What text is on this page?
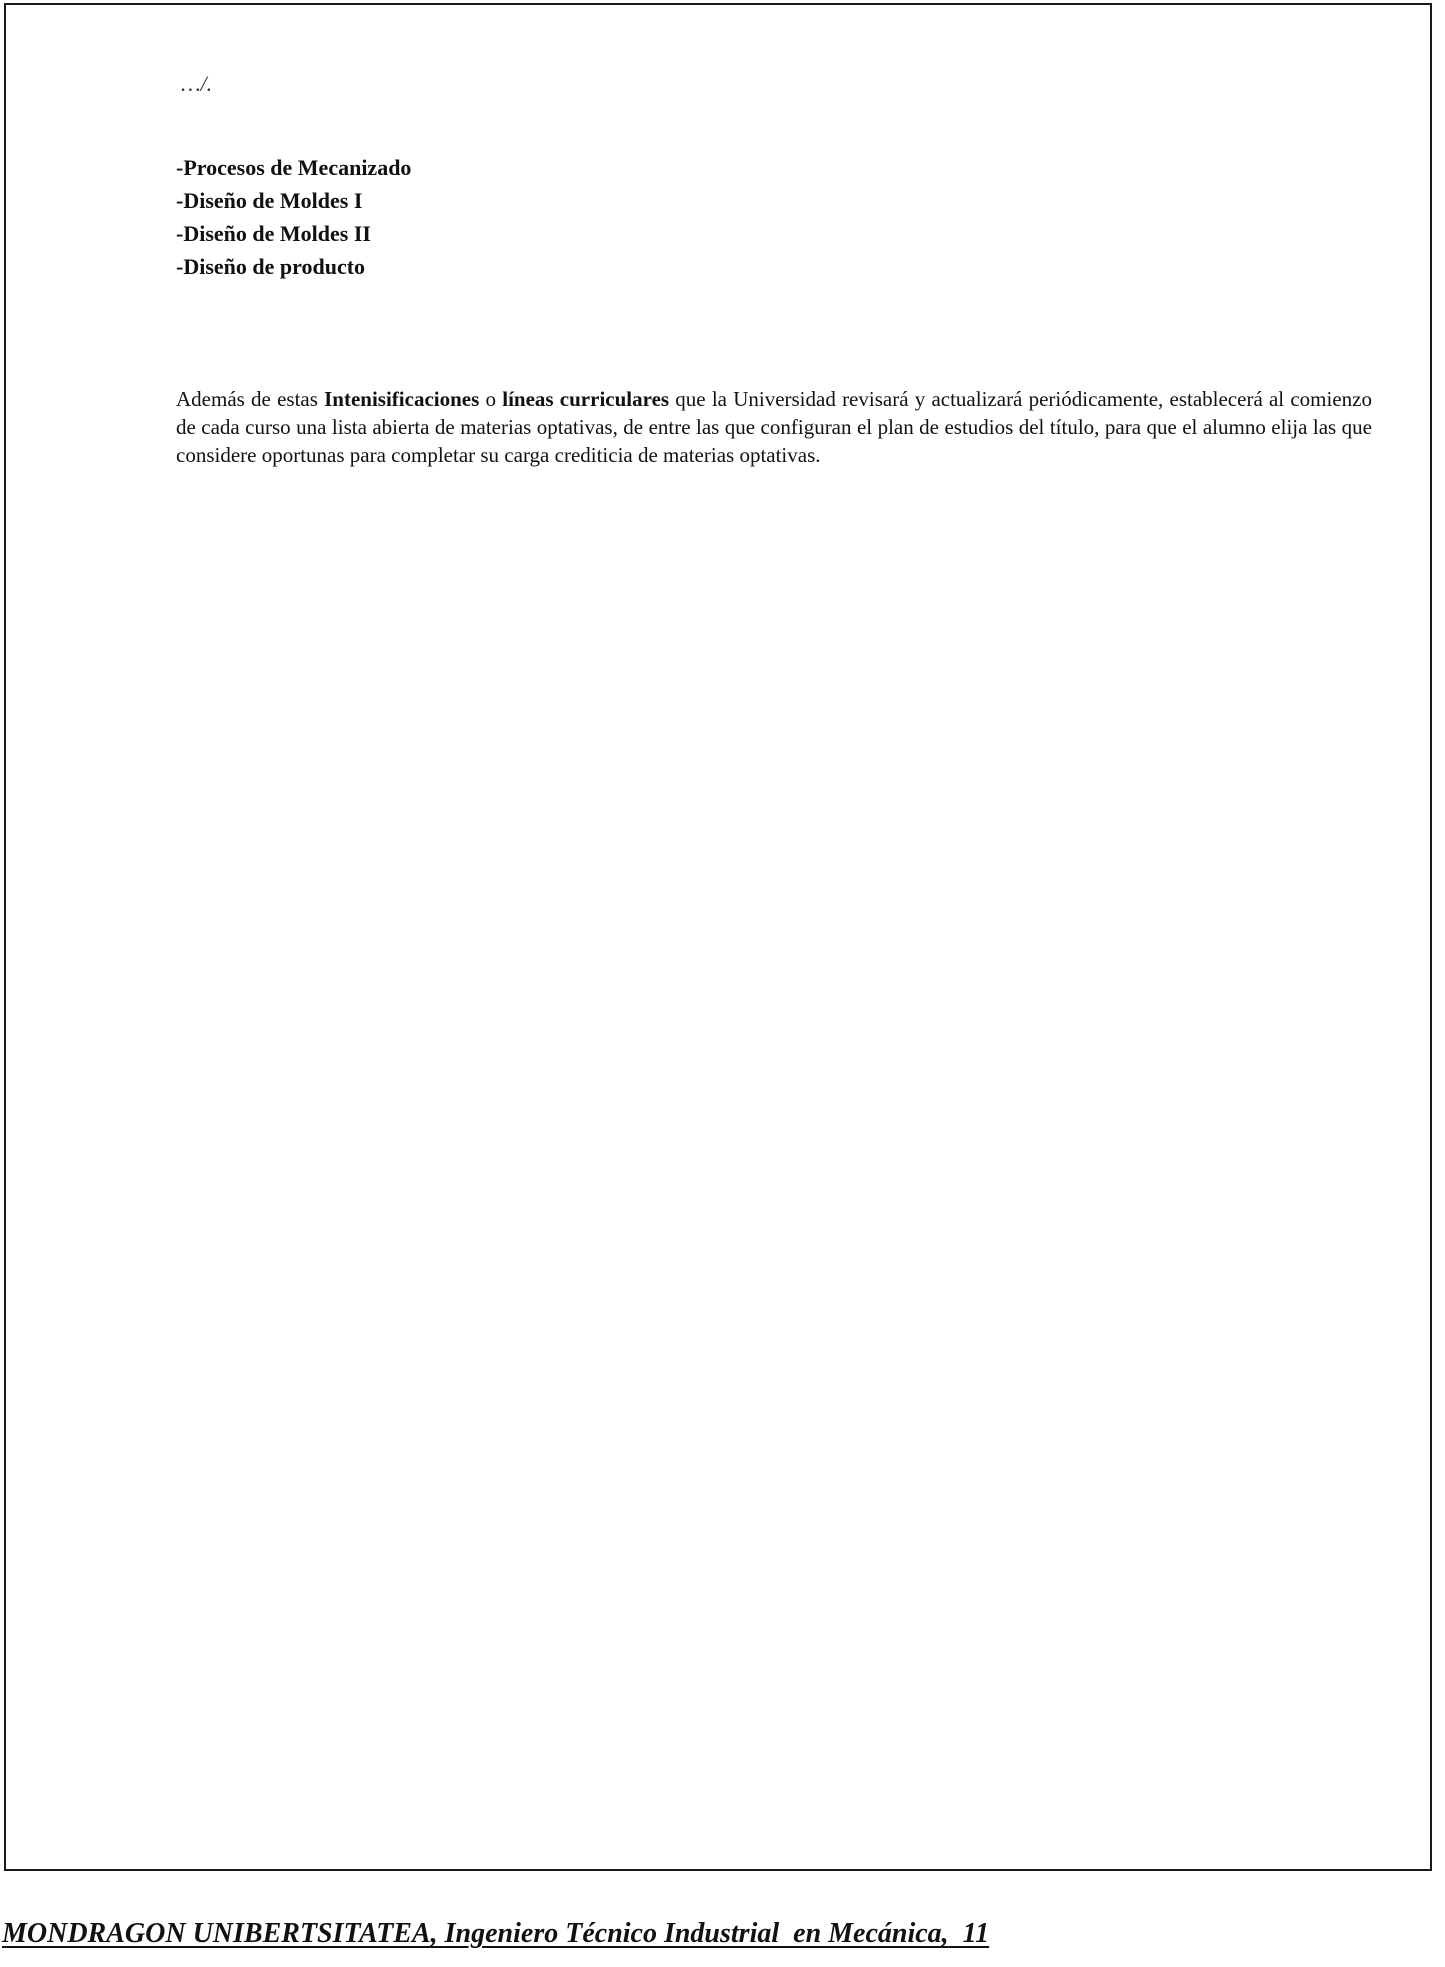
…/.
-Procesos de Mecanizado
-Diseño de Moldes I
-Diseño de Moldes II
-Diseño de producto

Además de estas Intenisificaciones o líneas curriculares que la Universidad revisará y actualizará periódicamente, establecerá al comienzo de cada curso una lista abierta de materias optativas, de entre las que configuran el plan de estudios del título, para que el alumno elija las que considere oportunas para completar su carga crediticia de materias optativas.

MONDRAGON UNIBERTSITATEA, Ingeniero Técnico Industrial  en Mecánica, 11
